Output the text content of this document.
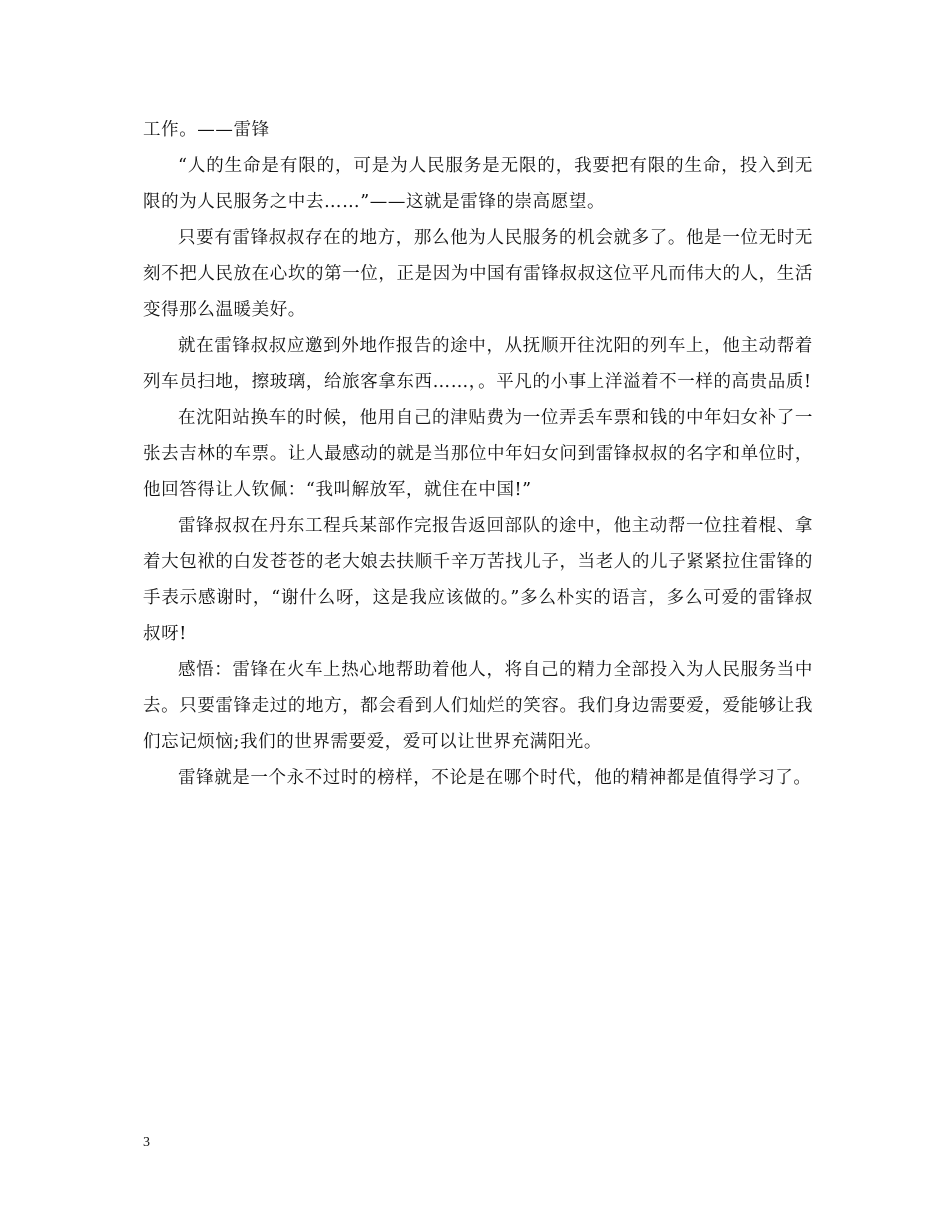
工作。——雷锋

“人的生命是有限的，可是为人民服务是无限的，我要把有限的生命，投入到无限的为人民服务之中去……”——这就是雷锋的崇高愿望。

只要有雷锋叔叔存在的地方，那么他为人民服务的机会就多了。他是一位无时无刻不把人民放在心坎的第一位，正是因为中国有雷锋叔叔这位平凡而伟大的人，生活变得那么温暖美好。

就在雷锋叔叔应邀到外地作报告的途中，从抚顺开往沈阳的列车上，他主动帮着列车员扫地，擦玻璃，给旅客拿东西……，。平凡的小事上洋溢着不一样的高贵品质!

在沈阳站换车的时候，他用自己的津贴费为一位弄丢车票和钱的中年妇女补了一张去吉林的车票。让人最感动的就是当那位中年妇女问到雷锋叔叔的名字和单位时，他回答得让人钦佩：“我叫解放军，就住在中国!”

雷锋叔叔在丹东工程兵某部作完报告返回部队的途中，他主动帮一位拄着棍、拿着大包袱的白发苍苍的老大娘去扶顺千辛万苦找儿子，当老人的儿子紧紧拉住雷锋的手表示感谢时，“谢什么呀，这是我应该做的。”多么朴实的语言，多么可爱的雷锋叔叔呀!

感悟：雷锋在火车上热心地帮助着他人，将自己的精力全部投入为人民服务当中去。只要雷锋走过的地方，都会看到人们灿烂的笑容。我们身边需要爱，爱能够让我们忘记烦恼;我们的世界需要爱，爱可以让世界充满阳光。

雷锋就是一个永不过时的榜样，不论是在哪个时代，他的精神都是值得学习了。

3
